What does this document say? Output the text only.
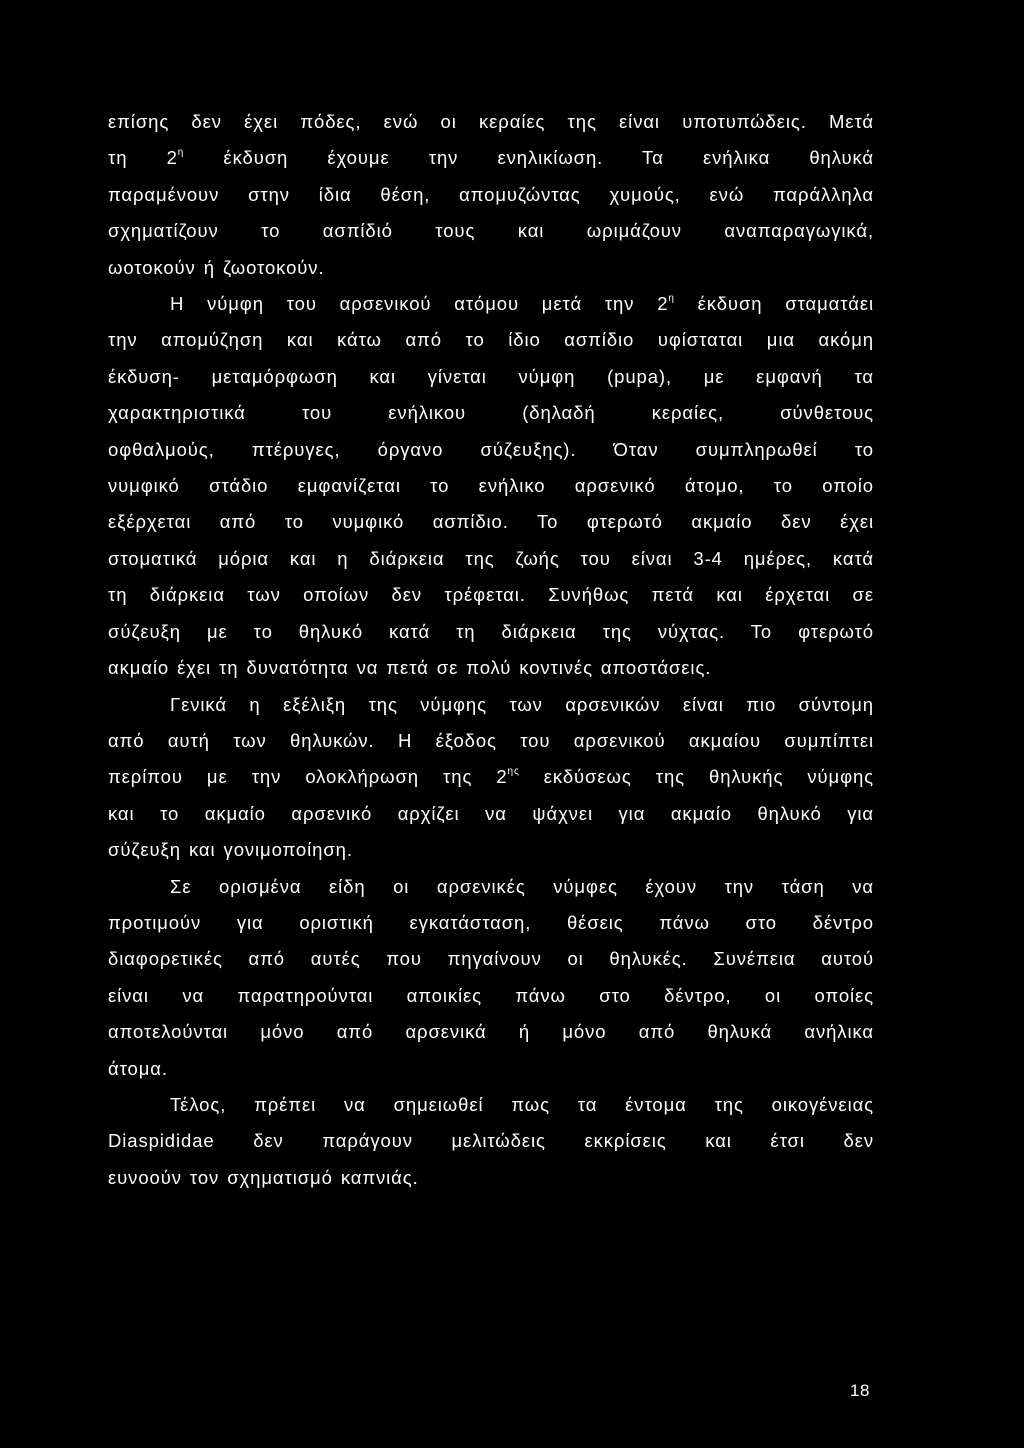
επίσης δεν έχει πόδες, ενώ οι κεραίες της είναι υποτυπώδεις. Μετά
τη $2^\eta$ έκδυση έχουμε την ενηλικίωση. Τα ενήλικα θηλυκά
παραμένουν στην ίδια θέση, απομυζώντας χυμούς, ενώ παράλληλα
σχηματίζουν το ασπίδιό τους και ωριμάζουν αναπαραγωγικά,
ωοτοκούν ή ζωοτοκούν.

Η νύμφη του αρσενικού ατόμου μετά την $2^\eta$ έκδυση σταματάει
την απομύζηση και κάτω από το ίδιο ασπίδιο υφίσταται μια ακόμη
έκδυση- μεταμόρφωση και γίνεται νύμφη (pupa), με εμφανή τα
χαρακτηριστικά του ενήλικου (δηλαδή κεραίες, σύνθετους
οφθαλμούς, πτέρυγες, όργανο σύζευξης). Όταν συμπληρωθεί το
νυμφικό στάδιο εμφανίζεται το ενήλικο αρσενικό άτομο, το οποίο
εξέρχεται από το νυμφικό ασπίδιο. Το φτερωτό ακμαίο δεν έχει
στοματικά μόρια και η διάρκεια της ζωής του είναι 3-4 ημέρες, κατά
τη διάρκεια των οποίων δεν τρέφεται. Συνήθως πετά και έρχεται σε
σύζευξη με το θηλυκό κατά τη διάρκεια της νύχτας. Το φτερωτό
ακμαίο έχει τη δυνατότητα να πετά σε πολύ κοντινές αποστάσεις.

Γενικά η εξέλιξη της νύμφης των αρσενικών είναι πιο σύντομη
από αυτή των θηλυκών. Η έξοδος του αρσενικού ακμαίου συμπίπτει
περίπου με την ολοκλήρωση της $2^{\eta\varsigma}$ εκδύσεως της θηλυκής νύμφης
και το ακμαίο αρσενικό αρχίζει να ψάχνει για ακμαίο θηλυκό για
σύζευξη και γονιμοποίηση.

Σε ορισμένα είδη οι αρσενικές νύμφες έχουν την τάση να
προτιμούν για οριστική εγκατάσταση, θέσεις πάνω στο δέντρο
διαφορετικές από αυτές που πηγαίνουν οι θηλυκές. Συνέπεια αυτού
είναι να παρατηρούνται αποικίες πάνω στο δέντρο, οι οποίες
αποτελούνται μόνο από αρσενικά ή μόνο από θηλυκά ανήλικα
άτομα.

Τέλος, πρέπει να σημειωθεί πως τα έντομα της οικογένειας
Diaspididae δεν παράγουν μελιτώδεις εκκρίσεις και έτσι δεν
ευνοούν τον σχηματισμό καπνιάς.

18
